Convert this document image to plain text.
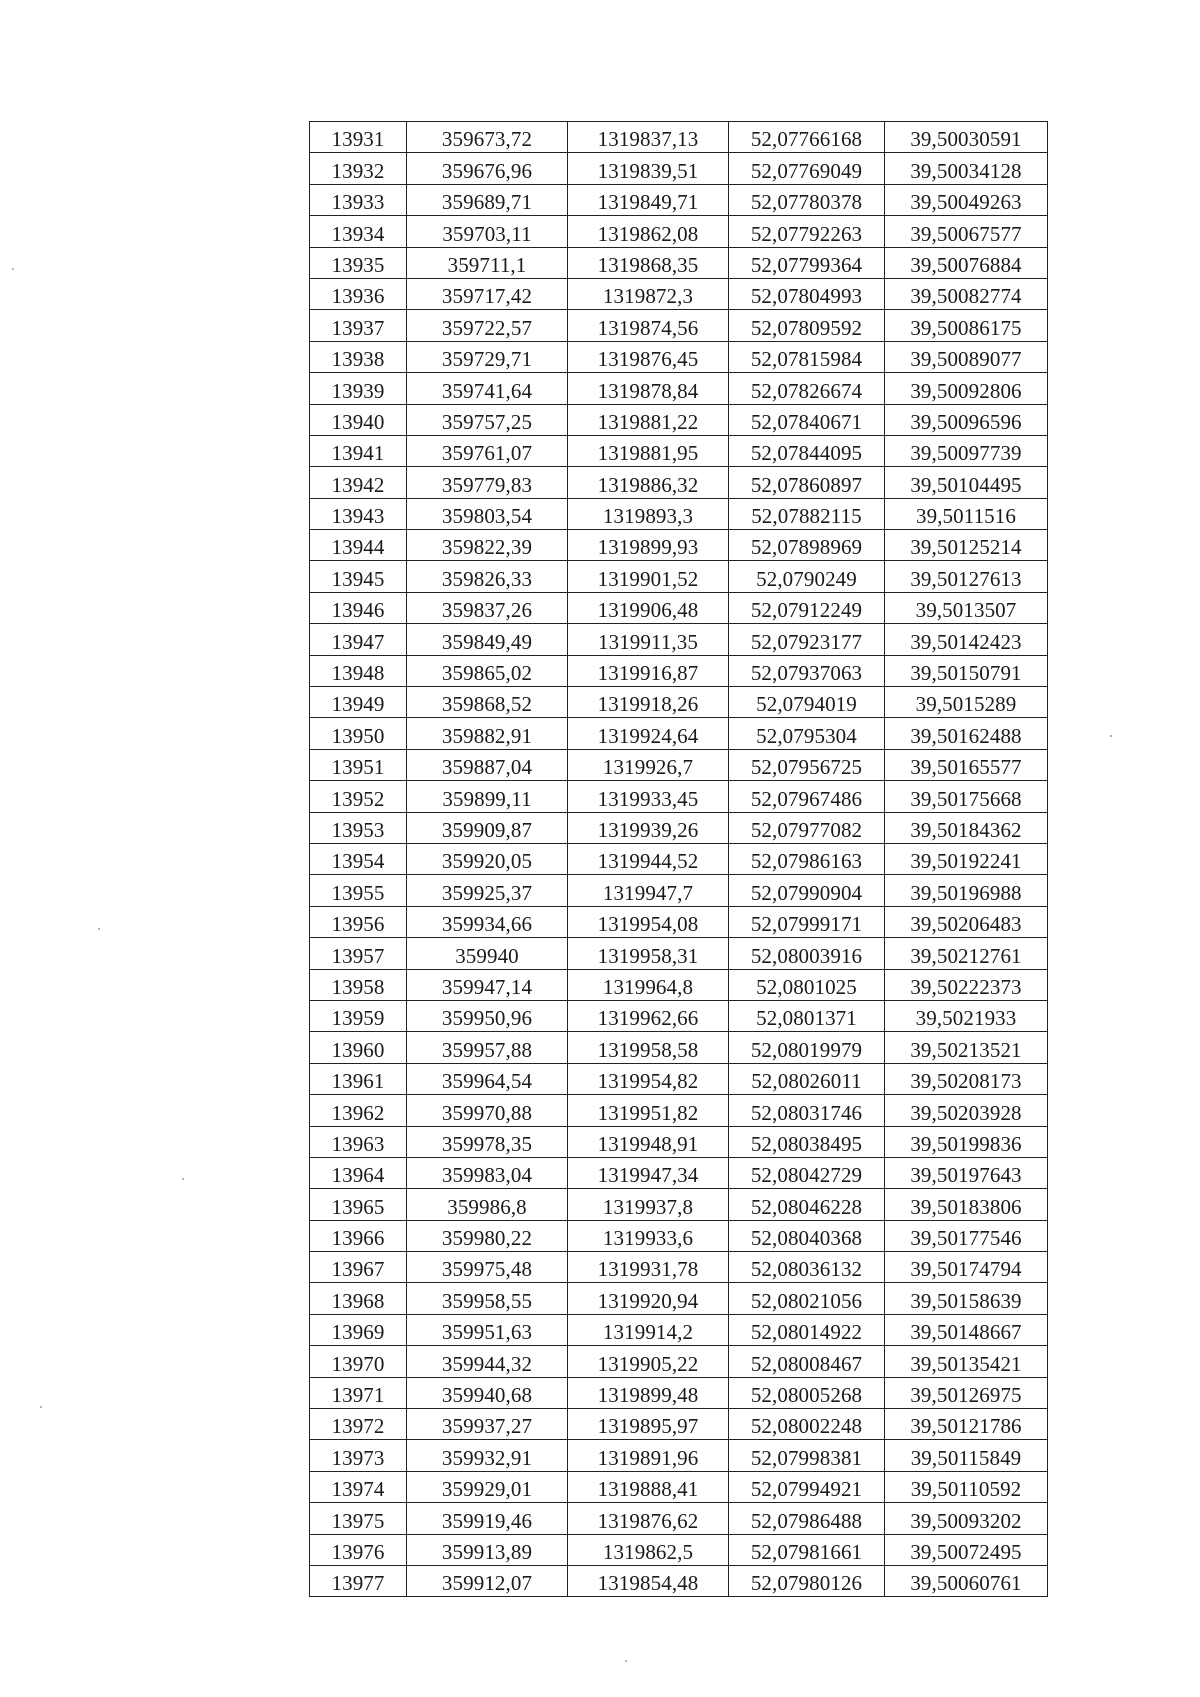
13931	359673,72	1319837,13	52,07766168	39,50030591
13932	359676,96	1319839,51	52,07769049	39,50034128
13933	359689,71	1319849,71	52,07780378	39,50049263
13934	359703,11	1319862,08	52,07792263	39,50067577
13935	359711,1	1319868,35	52,07799364	39,50076884
13936	359717,42	1319872,3	52,07804993	39,50082774
13937	359722,57	1319874,56	52,07809592	39,50086175
13938	359729,71	1319876,45	52,07815984	39,50089077
13939	359741,64	1319878,84	52,07826674	39,50092806
13940	359757,25	1319881,22	52,07840671	39,50096596
13941	359761,07	1319881,95	52,07844095	39,50097739
13942	359779,83	1319886,32	52,07860897	39,50104495
13943	359803,54	1319893,3	52,07882115	39,5011516
13944	359822,39	1319899,93	52,07898969	39,50125214
13945	359826,33	1319901,52	52,0790249	39,50127613
13946	359837,26	1319906,48	52,07912249	39,5013507
13947	359849,49	1319911,35	52,07923177	39,50142423
13948	359865,02	1319916,87	52,07937063	39,50150791
13949	359868,52	1319918,26	52,0794019	39,5015289
13950	359882,91	1319924,64	52,0795304	39,50162488
13951	359887,04	1319926,7	52,07956725	39,50165577
13952	359899,11	1319933,45	52,07967486	39,50175668
13953	359909,87	1319939,26	52,07977082	39,50184362
13954	359920,05	1319944,52	52,07986163	39,50192241
13955	359925,37	1319947,7	52,07990904	39,50196988
13956	359934,66	1319954,08	52,07999171	39,50206483
13957	359940	1319958,31	52,08003916	39,50212761
13958	359947,14	1319964,8	52,0801025	39,50222373
13959	359950,96	1319962,66	52,0801371	39,5021933
13960	359957,88	1319958,58	52,08019979	39,50213521
13961	359964,54	1319954,82	52,08026011	39,50208173
13962	359970,88	1319951,82	52,08031746	39,50203928
13963	359978,35	1319948,91	52,08038495	39,50199836
13964	359983,04	1319947,34	52,08042729	39,50197643
13965	359986,8	1319937,8	52,08046228	39,50183806
13966	359980,22	1319933,6	52,08040368	39,50177546
13967	359975,48	1319931,78	52,08036132	39,50174794
13968	359958,55	1319920,94	52,08021056	39,50158639
13969	359951,63	1319914,2	52,08014922	39,50148667
13970	359944,32	1319905,22	52,08008467	39,50135421
13971	359940,68	1319899,48	52,08005268	39,50126975
13972	359937,27	1319895,97	52,08002248	39,50121786
13973	359932,91	1319891,96	52,07998381	39,50115849
13974	359929,01	1319888,41	52,07994921	39,50110592
13975	359919,46	1319876,62	52,07986488	39,50093202
13976	359913,89	1319862,5	52,07981661	39,50072495
13977	359912,07	1319854,48	52,07980126	39,50060761
